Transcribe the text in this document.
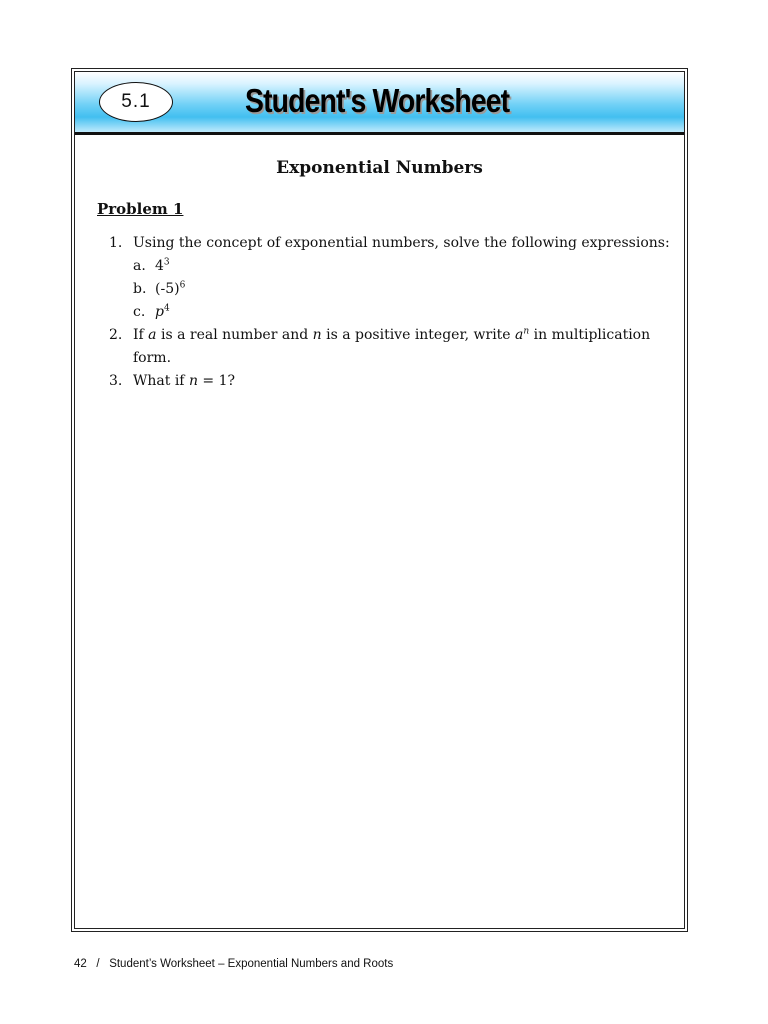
5.1	Student's Worksheet
Exponential Numbers
Problem 1
1. Using the concept of exponential numbers, solve the following expressions:
a. $4^3$
b. $(-5)^6$
c. $p^4$
2. If a is a real number and n is a positive integer, write $a^n$ in multiplication
form.
3. What if n = 1?
42 / Student’s Worksheet – Exponential Numbers and Roots
